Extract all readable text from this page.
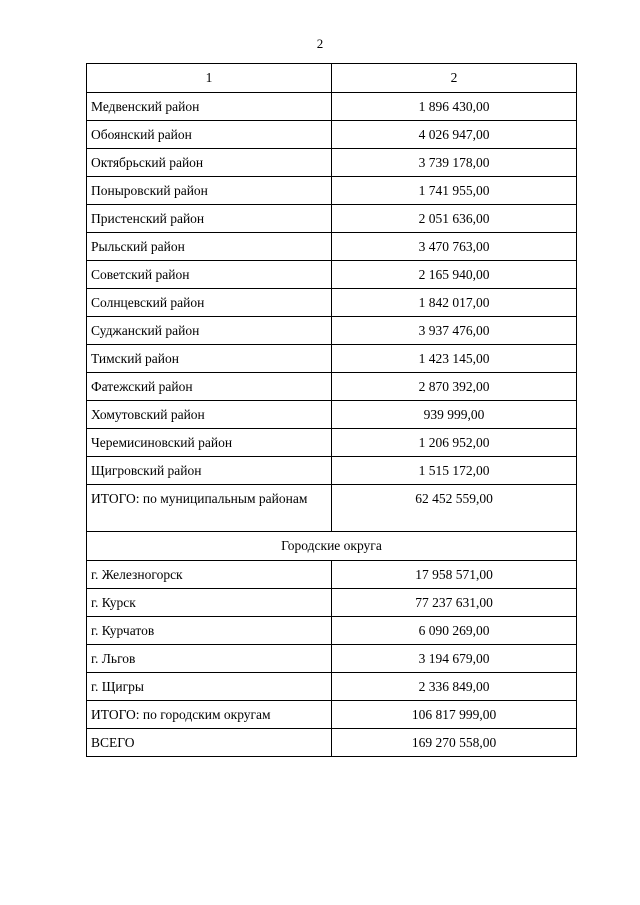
2
1	2
Медвенский район	1 896 430,00
Обоянский район	4 026 947,00
Октябрьский район	3 739 178,00
Поныровский район	1 741 955,00
Пристенский район	2 051 636,00
Рыльский район	3 470 763,00
Советский район	2 165 940,00
Солнцевский район	1 842 017,00
Суджанский район	3 937 476,00
Тимский район	1 423 145,00
Фатежский район	2 870 392,00
Хомутовский район	939 999,00
Черемисиновский район	1 206 952,00
Щигровский район	1 515 172,00
ИТОГО: по муниципальным районам	62 452 559,00
Городские округа	
г. Железногорск	17 958 571,00
г. Курск	77 237 631,00
г. Курчатов	6 090 269,00
г. Льгов	3 194 679,00
г. Щигры	2 336 849,00
ИТОГО: по городским округам	106 817 999,00
ВСЕГО	169 270 558,00
